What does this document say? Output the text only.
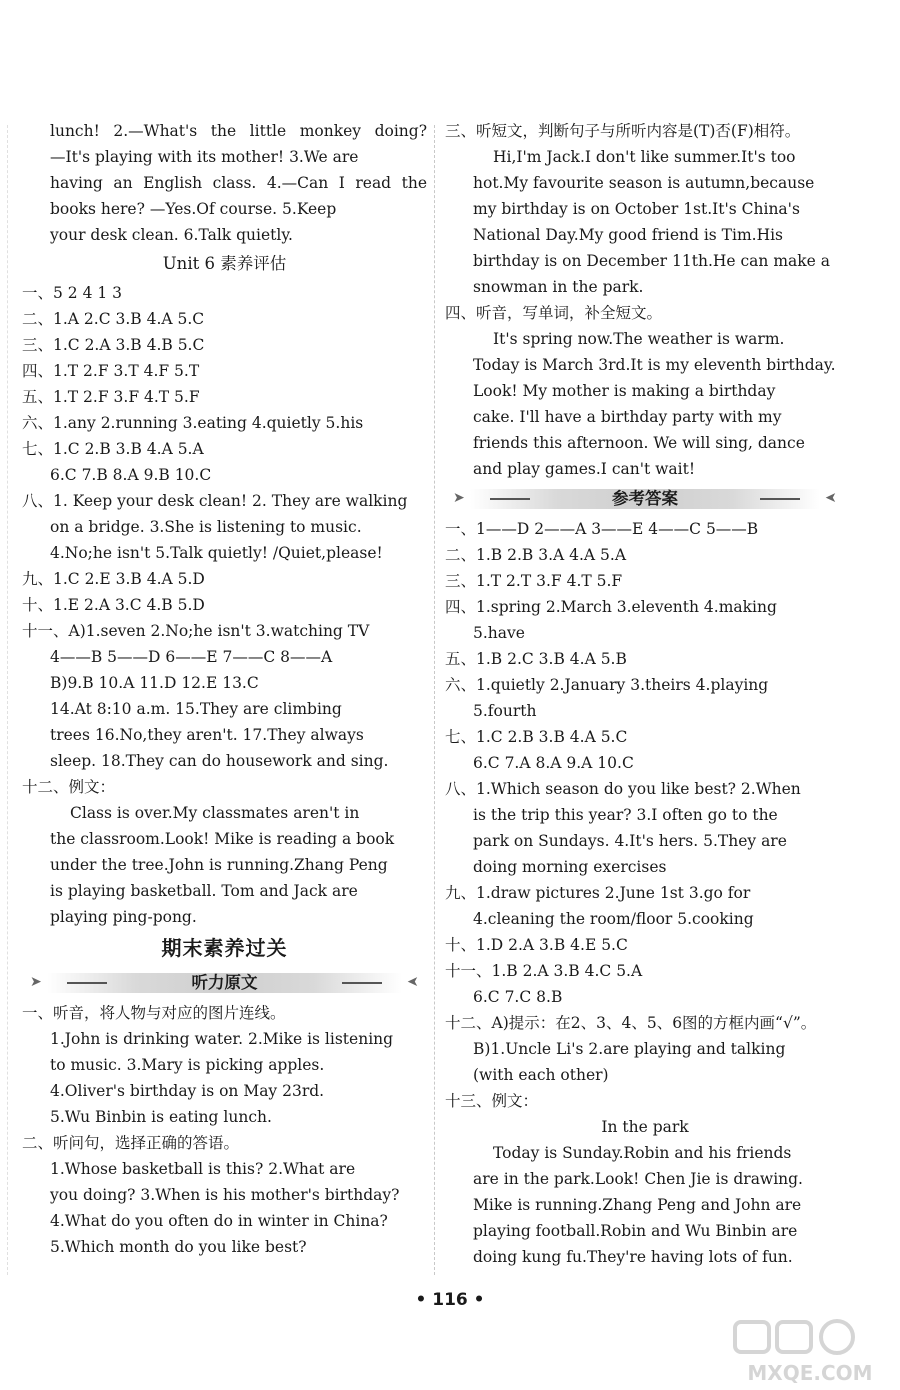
lunch! 2.—What's the little monkey doing?
—It's playing with its mother! 3.We are
having an English class. 4.—Can I read the
books here? —Yes.Of course. 5.Keep
your desk clean. 6.Talk quietly.
Unit 6 素养评估
一、5 2 4 1 3
二、1.A 2.C 3.B 4.A 5.C
三、1.C 2.A 3.B 4.B 5.C
四、1.T 2.F 3.T 4.F 5.T
五、1.T 2.F 3.F 4.T 5.F
六、1.any 2.running 3.eating 4.quietly 5.his
七、1.C 2.B 3.B 4.A 5.A
6.C 7.B 8.A 9.B 10.C
八、1. Keep your desk clean! 2. They are walking
on a bridge. 3.She is listening to music.
4.No;he isn't 5.Talk quietly! /Quiet,please!
九、1.C 2.E 3.B 4.A 5.D
十、1.E 2.A 3.C 4.B 5.D
十一、A)1.seven 2.No;he isn't 3.watching TV
4——B 5——D 6——E 7——C 8——A
B)9.B 10.A 11.D 12.E 13.C
14.At 8:10 a.m. 15.They are climbing
trees 16.No,they aren't. 17.They always
sleep. 18.They can do housework and sing.
十二、例文：
Class is over.My classmates aren't in
the classroom.Look! Mike is reading a book
under the tree.John is running.Zhang Peng
is playing basketball. Tom and Jack are
playing ping-pong.
期末素养过关
➤	➤
听力原文
一、听音，将人物与对应的图片连线。
1.John is drinking water. 2.Mike is listening
to music. 3.Mary is picking apples.
4.Oliver's birthday is on May 23rd.
5.Wu Binbin is eating lunch.
二、听问句，选择正确的答语。
1.Whose basketball is this? 2.What are
you doing? 3.When is his mother's birthday?
4.What do you often do in winter in China?
5.Which month do you like best?
三、听短文，判断句子与所听内容是(T)否(F)相符。
Hi,I'm Jack.I don't like summer.It's too
hot.My favourite season is autumn,because
my birthday is on October 1st.It's China's
National Day.My good friend is Tim.His
birthday is on December 11th.He can make a
snowman in the park.
四、听音，写单词，补全短文。
It's spring now.The weather is warm.
Today is March 3rd.It is my eleventh birthday.
Look! My mother is making a birthday
cake. I'll have a birthday party with my
friends this afternoon. We will sing, dance
and play games.I can't wait!
➤	➤
参考答案
一、1——D 2——A 3——E 4——C 5——B
二、1.B 2.B 3.A 4.A 5.A
三、1.T 2.T 3.F 4.T 5.F
四、1.spring 2.March 3.eleventh 4.making
5.have
五、1.B 2.C 3.B 4.A 5.B
六、1.quietly 2.January 3.theirs 4.playing
5.fourth
七、1.C 2.B 3.B 4.A 5.C
6.C 7.A 8.A 9.A 10.C
八、1.Which season do you like best? 2.When
is the trip this year? 3.I often go to the
park on Sundays. 4.It's hers. 5.They are
doing morning exercises
九、1.draw pictures 2.June 1st 3.go for
4.cleaning the room/floor 5.cooking
十、1.D 2.A 3.B 4.E 5.C
十一、1.B 2.A 3.B 4.C 5.A
6.C 7.C 8.B
十二、A)提示：在2、3、4、5、6图的方框内画“√”。
B)1.Uncle Li's 2.are playing and talking
(with each other)
十三、例文：
In the park
Today is Sunday.Robin and his friends
are in the park.Look! Chen Jie is drawing.
Mike is running.Zhang Peng and John are
playing football.Robin and Wu Binbin are
doing kung fu.They're having lots of fun.
• 116 •
MXQE.COM
